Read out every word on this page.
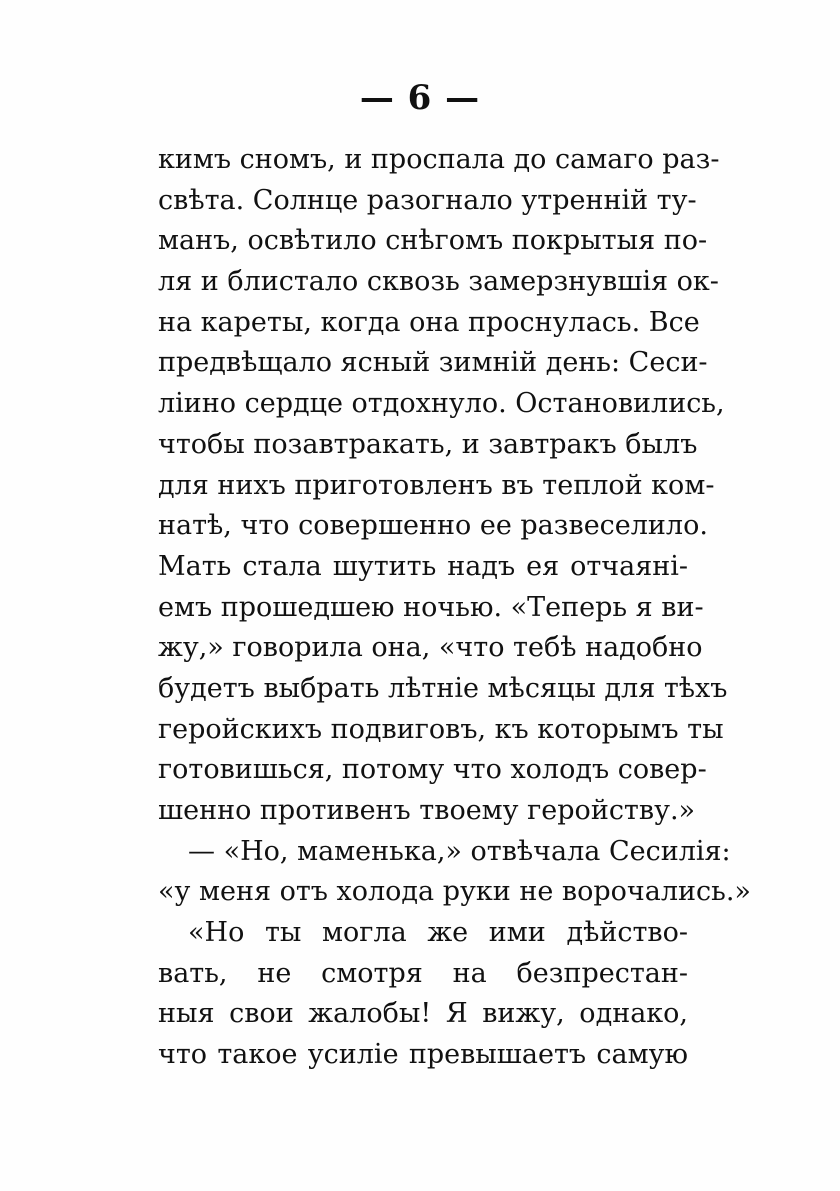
— 6 —
кимъ сномъ, и проспала до самаго раз-
свѣта. Солнце разогнало утренній ту-
манъ, освѣтило снѣгомъ покрытыя по-
ля и блистало сквозь замерзнувшія ок-
на кареты, когда она проснулась. Все
предвѣщало ясный зимній день: Сеси-
ліино сердце отдохнуло. Остановились,
чтобы позавтракать, и завтракъ былъ
для нихъ приготовленъ въ теплой ком-
натѣ, что совершенно ее развеселило.
Мать стала шутить надъ ея отчаяні-
емъ прошедшею ночью. «Теперь я ви-
жу,» говорила она, «что тебѣ надобно
будетъ выбрать лѣтніе мѣсяцы для тѣхъ
геройскихъ подвиговъ, къ которымъ ты
готовишься, потому что холодъ совер-
шенно противенъ твоему геройству.»
— «Но, маменька,» отвѣчала Сесилія:
«у меня отъ холода руки не ворочались.»
«Но ты могла же ими дѣйство-
вать, не смотря на безпрестан-
ныя свои жалобы! Я вижу, однако,
что такое усиліе превышаетъ самую
